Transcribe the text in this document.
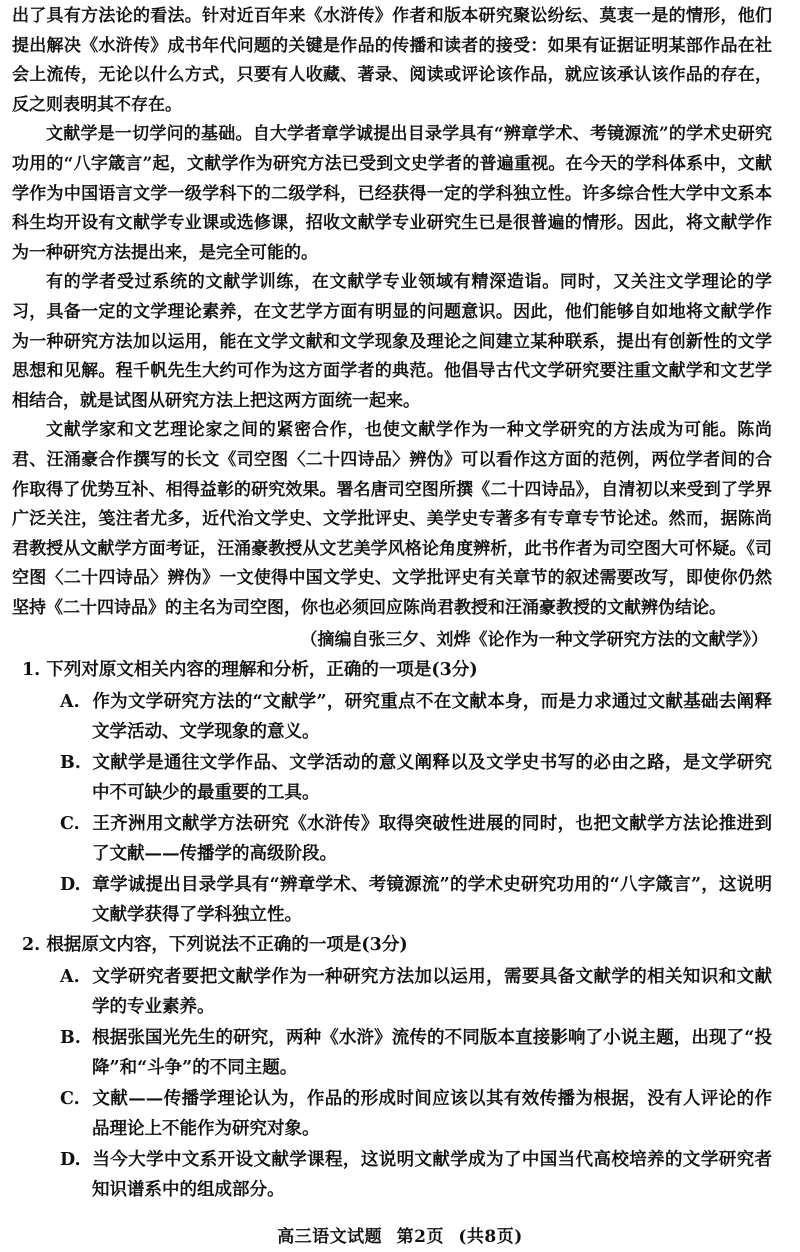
出了具有方法论的看法。针对近百年来《水浒传》作者和版本研究聚讼纷纭、莫衷一是的情形，他们提出解决《水浒传》成书年代问题的关键是作品的传播和读者的接受：如果有证据证明某部作品在社会上流传，无论以什么方式，只要有人收藏、著录、阅读或评论该作品，就应该承认该作品的存在，反之则表明其不存在。

文献学是一切学问的基础。自大学者章学诚提出目录学具有“辨章学术、考镜源流”的学术史研究功用的“八字箴言”起，文献学作为研究方法已受到文史学者的普遍重视。在今天的学科体系中，文献学作为中国语言文学一级学科下的二级学科，已经获得一定的学科独立性。许多综合性大学中文系本科生均开设有文献学专业课或选修课，招收文献学专业研究生已是很普遍的情形。因此，将文献学作为一种研究方法提出来，是完全可能的。

有的学者受过系统的文献学训练，在文献学专业领域有精深造诣。同时，又关注文学理论的学习，具备一定的文学理论素养，在文艺学方面有明显的问题意识。因此，他们能够自如地将文献学作为一种研究方法加以运用，能在文学文献和文学现象及理论之间建立某种联系，提出有创新性的文学思想和见解。程千帆先生大约可作为这方面学者的典范。他倡导古代文学研究要注重文献学和文艺学相结合，就是试图从研究方法上把这两方面统一起来。

文献学家和文艺理论家之间的紧密合作，也使文献学作为一种文学研究的方法成为可能。陈尚君、汪涌豪合作撰写的长文《司空图〈二十四诗品〉辨伪》可以看作这方面的范例，两位学者间的合作取得了优势互补、相得益彰的研究效果。署名唐司空图所撰《二十四诗品》，自清初以来受到了学界广泛关注，笺注者尤多，近代治文学史、文学批评史、美学史专著多有专章专节论述。然而，据陈尚君教授从文献学方面考证，汪涌豪教授从文艺美学风格论角度辨析，此书作者为司空图大可怀疑。《司空图〈二十四诗品〉辨伪》一文使得中国文学史、文学批评史有关章节的叙述需要改写，即使你仍然坚持《二十四诗品》的主名为司空图，你也必须回应陈尚君教授和汪涌豪教授的文献辨伪结论。

（摘编自张三夕、刘烨《论作为一种文学研究方法的文献学》）

1. 下列对原文相关内容的理解和分析，正确的一项是(3分)

A. 作为文学研究方法的“文献学”，研究重点不在文献本身，而是力求通过文献基础去阐释文学活动、文学现象的意义。

B. 文献学是通往文学作品、文学活动的意义阐释以及文学史书写的必由之路，是文学研究中不可缺少的最重要的工具。

C. 王齐洲用文献学方法研究《水浒传》取得突破性进展的同时，也把文献学方法论推进到了文献——传播学的高级阶段。

D. 章学诚提出目录学具有“辨章学术、考镜源流”的学术史研究功用的“八字箴言”，这说明文献学获得了学科独立性。

2. 根据原文内容，下列说法不正确的一项是(3分)

A. 文学研究者要把文献学作为一种研究方法加以运用，需要具备文献学的相关知识和文献学的专业素养。

B. 根据张国光先生的研究，两种《水浒》流传的不同版本直接影响了小说主题，出现了“投降”和“斗争”的不同主题。

C. 文献——传播学理论认为，作品的形成时间应该以其有效传播为根据，没有人评论的作品理论上不能作为研究对象。

D. 当今大学中文系开设文献学课程，这说明文献学成为了中国当代高校培养的文学研究者知识谱系中的组成部分。

高三语文试题 第2页 (共8页)
